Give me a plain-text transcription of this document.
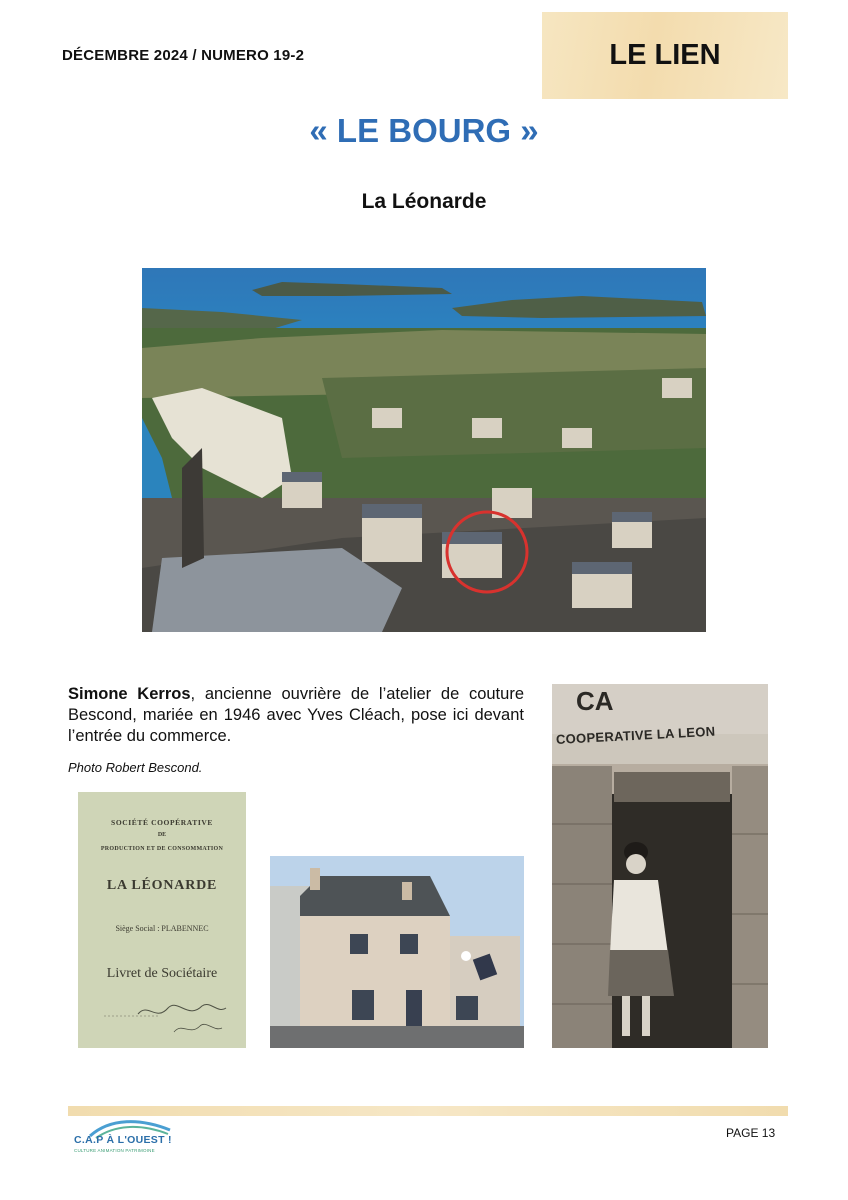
DÉCEMBRE 2024 / NUMERO 19-2	LE LIEN
« LE BOURG »
La Léonarde
Simone Kerros, ancienne ouvrière de l’atelier de couture Bescond, mariée en 1946 avec Yves Cléach, pose ici devant l’entrée du commerce.
Photo Robert Bescond.
SOCIÉTÉ COOPÉRATIVE
DE
PRODUCTION ET DE CONSOMMATION
LA LÉONARDE
Siège Social : PLABENNEC
Livret de Sociétaire
CA
COOPERATIVE LA LEON
C.A.P À L'OUEST !
CULTURE ANIMATION PATRIMOINE
PAGE 13
